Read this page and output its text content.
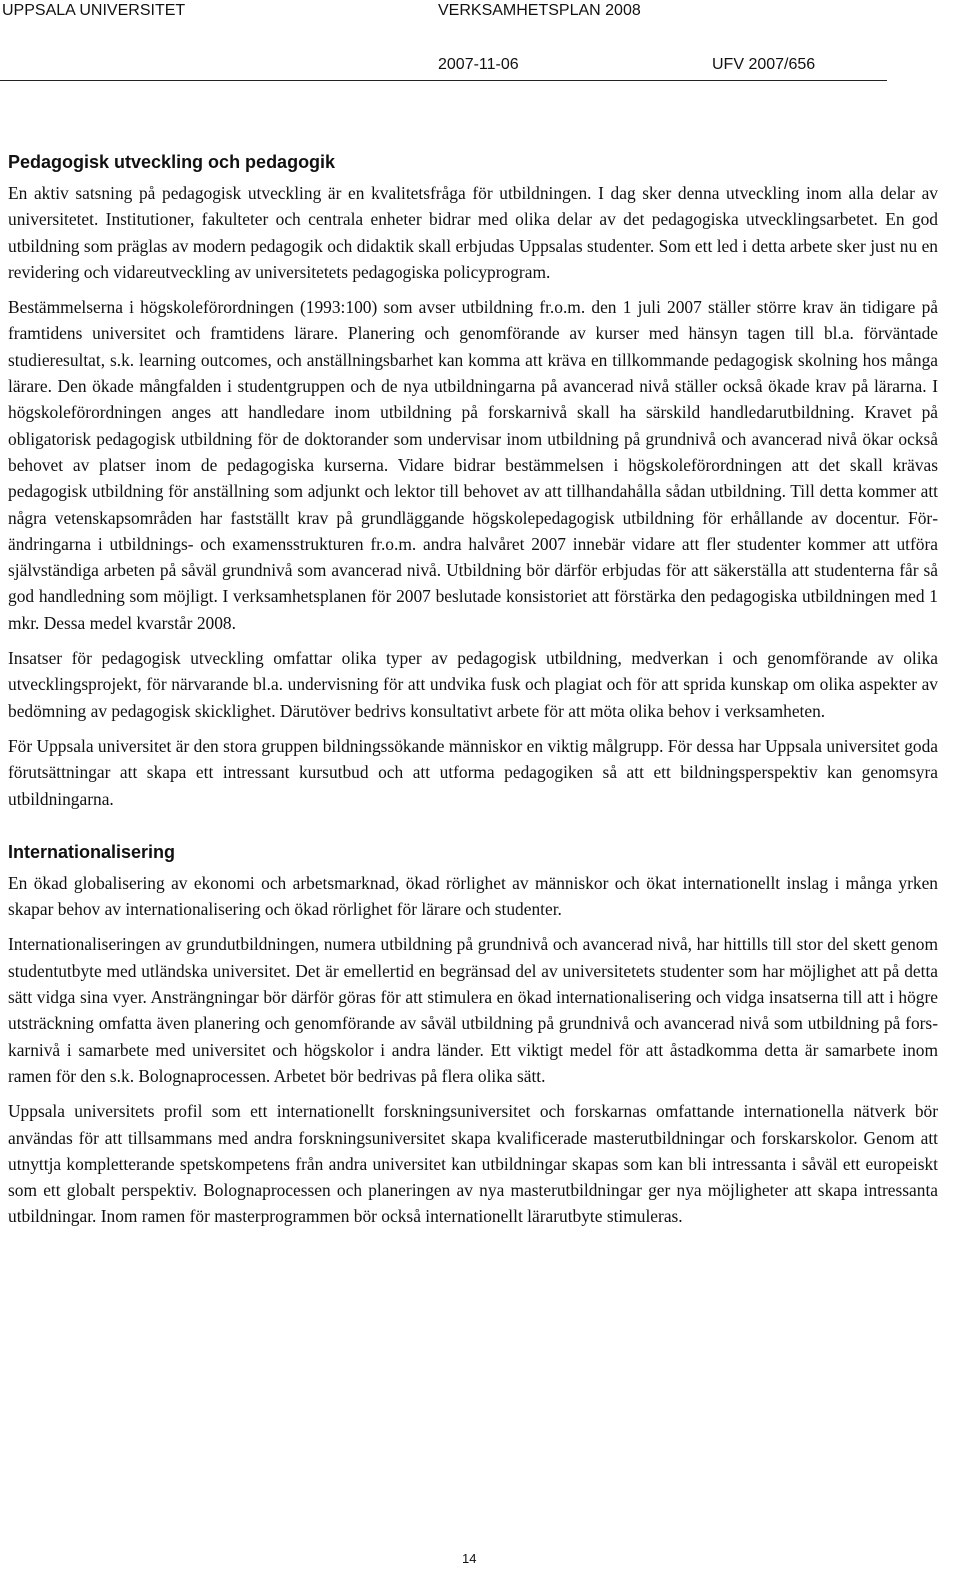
UPPSALA UNIVERSITET	VERKSAMHETSPLAN 2008
2007-11-06	UFV 2007/656
Pedagogisk utveckling och pedagogik

En aktiv satsning på pedagogisk utveckling är en kvalitetsfråga för utbildningen. I dag sker denna utveckling inom alla delar av universitetet. Institutioner, fakulteter och centrala enheter bidrar med olika delar av det pedagogiska utvecklingsarbetet. En god utbildning som präglas av modern pedagogik och didaktik skall erbjudas Uppsalas studenter. Som ett led i detta arbete sker just nu en revidering och vidareutveckling av universitetets pedagogiska policyprogram.

Bestämmelserna i högskoleförordningen (1993:100) som avser utbildning fr.o.m. den 1 juli 2007 ställer större krav än tidigare på framtidens universitet och framtidens lärare. Planering och genomförande av kurser med hänsyn tagen till bl.a. förväntade studieresultat, s.k. learning outcomes, och anställningsbarhet kan komma att kräva en tillkommande pedagogisk skolning hos många lärare. Den ökade mångfalden i studentgruppen och de nya utbildningarna på avancerad nivå ställer också ökade krav på lärarna. I högskoleförordningen anges att handledare inom utbildning på forskarnivå skall ha särskild handledarutbildning. Kravet på obligatorisk pedagogisk utbildning för de doktorander som undervisar inom utbildning på grundnivå och avancerad nivå ökar också behovet av platser inom de pedagogiska kurserna. Vidare bidrar bestämmelsen i högskoleförordningen att det skall krävas pedagogisk utbildning för anställning som adjunkt och lektor till behovet av att tillhandahålla sådan utbildning. Till detta kommer att några vetenskapsområden har fastställt krav på grundläggande högskolepedagogisk utbildning för erhållande av docentur. Förändringarna i utbildnings- och examensstrukturen fr.o.m. andra halvåret 2007 innebär vidare att fler studenter kommer att utföra självständiga arbeten på såväl grundnivå som avancerad nivå. Utbildning bör därför erbjudas för att säkerställa att studenterna får så god handledning som möjligt. I verksamhetsplanen för 2007 beslutade konsistoriet att förstärka den pedagogiska utbildningen med 1 mkr. Dessa medel kvarstår 2008.

Insatser för pedagogisk utveckling omfattar olika typer av pedagogisk utbildning, medverkan i och genomförande av olika utvecklingsprojekt, för närvarande bl.a. undervisning för att undvika fusk och plagiat och för att sprida kunskap om olika aspekter av bedömning av pedagogisk skicklighet. Därutöver bedrivs konsultativt arbete för att möta olika behov i verksamheten.

För Uppsala universitet är den stora gruppen bildningssökande människor en viktig målgrupp. För dessa har Uppsala universitet goda förutsättningar att skapa ett intressant kursutbud och att utforma pedagogiken så att ett bildningsperspektiv kan genomsyra utbildningarna.

Internationalisering

En ökad globalisering av ekonomi och arbetsmarknad, ökad rörlighet av människor och ökat internationellt inslag i många yrken skapar behov av internationalisering och ökad rörlighet för lärare och studenter.

Internationaliseringen av grundutbildningen, numera utbildning på grundnivå och avancerad nivå, har hittills till stor del skett genom studentutbyte med utländska universitet. Det är emellertid en begränsad del av universitetets studenter som har möjlighet att på detta sätt vidga sina vyer. Ansträngningar bör därför göras för att stimulera en ökad internationalisering och vidga insatserna till att i högre utsträckning omfatta även planering och genomförande av såväl utbildning på grundnivå och avancerad nivå som utbildning på forskarnivå i samarbete med universitet och högskolor i andra länder. Ett viktigt medel för att åstadkomma detta är samarbete inom ramen för den s.k. Bolognaprocessen. Arbetet bör bedrivas på flera olika sätt.

Uppsala universitets profil som ett internationellt forskningsuniversitet och forskarnas omfattande internationella nätverk bör användas för att tillsammans med andra forskningsuniversitet skapa kvalificerade masterutbildningar och forskarskolor. Genom att utnyttja kompletterande spetskompetens från andra universitet kan utbildningar skapas som kan bli intressanta i såväl ett europeiskt som ett globalt perspektiv. Bolognaprocessen och planeringen av nya masterutbildningar ger nya möjligheter att skapa intressanta utbildningar. Inom ramen för masterprogrammen bör också internationellt lärarutbyte stimuleras.

14
